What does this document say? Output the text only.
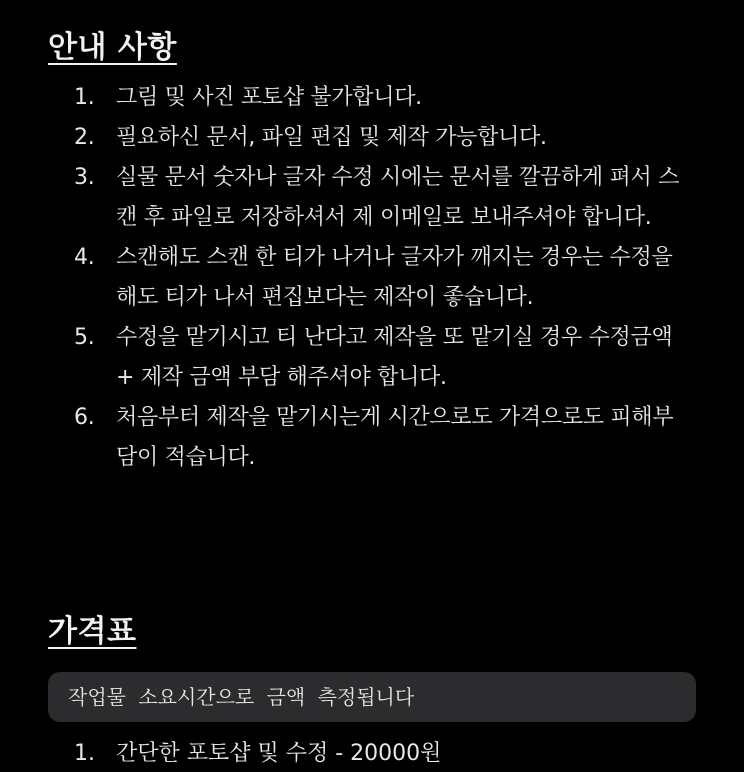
안내 사항
1. 그림 및 사진 포토샵 불가합니다.
2. 필요하신 문서, 파일 편집 및 제작 가능합니다.
3. 실물 문서 숫자나 글자 수정 시에는 문서를 깔끔하게 펴서 스캔 후 파일로 저장하셔서 제 이메일로 보내주셔야 합니다.
4. 스캔해도 스캔 한 티가 나거나 글자가 깨지는 경우는 수정을 해도 티가 나서 편집보다는 제작이 좋습니다.
5. 수정을 맡기시고 티 난다고 제작을 또 맡기실 경우 수정금액 + 제작 금액 부담 해주셔야 합니다.
6. 처음부터 제작을 맡기시는게 시간으로도 가격으로도 피해부담이 적습니다.
가격표
작업물 소요시간으로 금액 측정됩니다
1. 간단한 포토샵 및 수정 - 20000원
